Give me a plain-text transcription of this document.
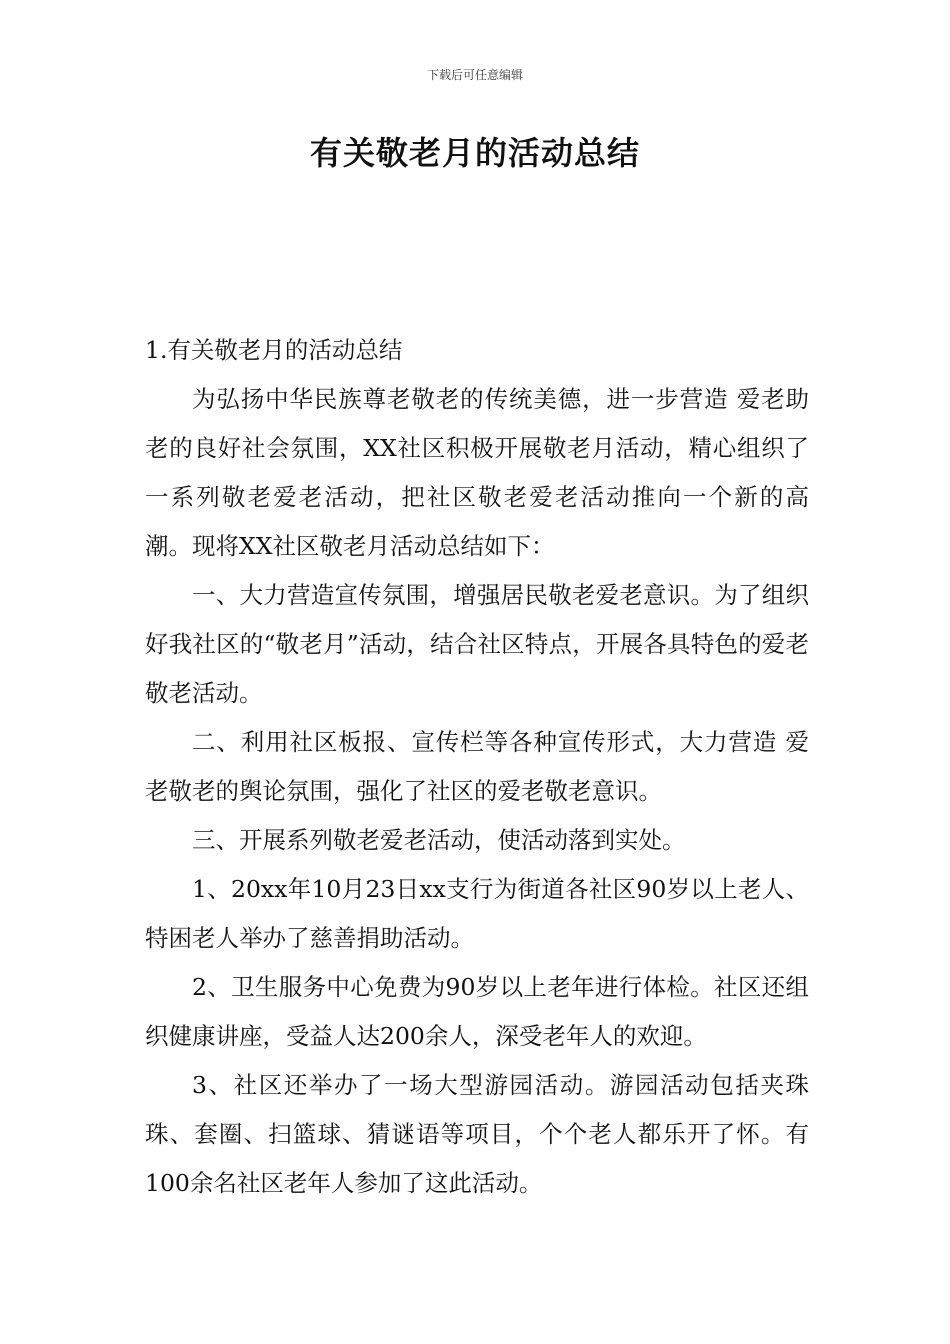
下载后可任意编辑
有关敬老月的活动总结

1.有关敬老月的活动总结

为弘扬中华民族尊老敬老的传统美德，进一步营造 爱老助老的良好社会氛围，XX社区积极开展敬老月活动，精心组织了一系列敬老爱老活动，把社区敬老爱老活动推向一个新的高 潮。现将XX社区敬老月活动总结如下：

一、大力营造宣传氛围，增强居民敬老爱老意识。为了组织好我社区的“敬老月”活动，结合社区特点，开展各具特色的爱老敬老活动。

二、利用社区板报、宣传栏等各种宣传形式，大力营造 爱老敬老的舆论氛围，强化了社区的爱老敬老意识。

三、开展系列敬老爱老活动，使活动落到实处。

1、20xx年10月23日xx支行为街道各社区90岁以上老人、特困老人举办了慈善捐助活动。

2、卫生服务中心免费为90岁以上老年进行体检。社区还组织健康讲座，受益人达200余人，深受老年人的欢迎。

3、社区还举办了一场大型游园活动。游园活动包括夹珠珠、套圈、扫篮球、猜谜语等项目，个个老人都乐开了怀。有100余名社区老年人参加了这此活动。
